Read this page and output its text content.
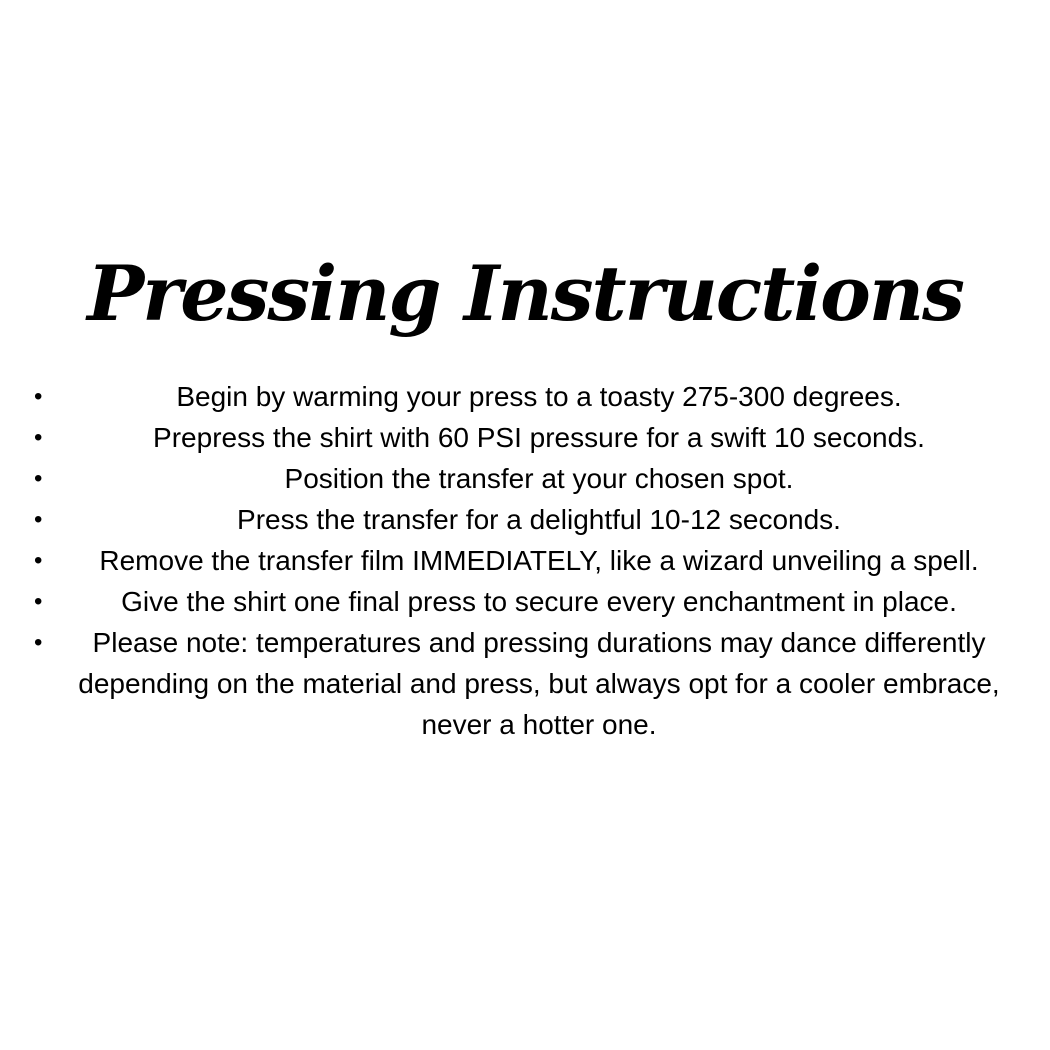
Pressing Instructions
•	Begin by warming your press to a toasty 275-300 degrees.
•	Prepress the shirt with 60 PSI pressure for a swift 10 seconds.
•	Position the transfer at your chosen spot.
•	Press the transfer for a delightful 10-12 seconds.
• Remove the transfer film IMMEDIATELY, like a wizard unveiling a spell.
•	Give the shirt one final press to secure every enchantment in place.
• Please note: temperatures and pressing durations may dance differently depending on the material and press, but always opt for a cooler embrace, never a hotter one.
